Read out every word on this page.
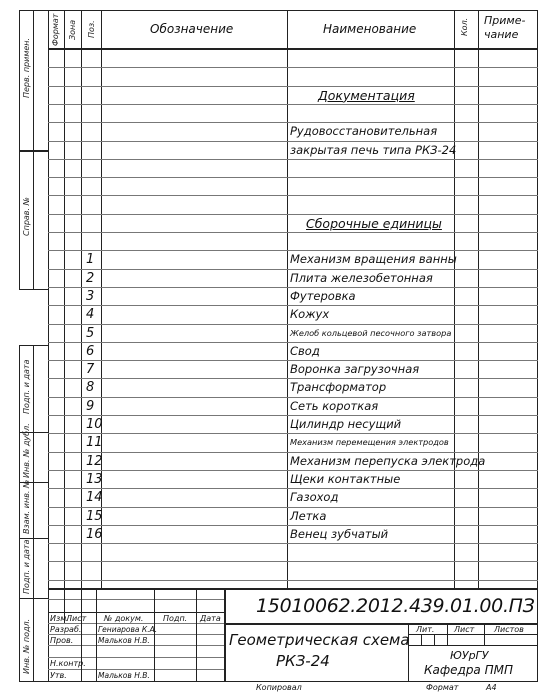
Формат Зона Поз.	Обозначение	Наименование	Кол. Приме-
чание
Перв. примен.
Справ. №
Подп. и дата
Инв. № дубл.
Взам. инв. №
Подп. и дата
Инв. № подл.
Документация
Рудовосстановительная
закрытая печь типа РКЗ-24
Сборочные единицы
1	Механизм вращения ванны
2	Плита железобетонная
3	Футеровка
4	Кожух
5	Желоб кольцевой песочного затвора
6	Свод
7	Воронка загрузочная
8	Трансформатор
9	Сеть короткая
10	Цилиндр несущий
11	Механизм перемещения электродов
12	Механизм перепуска электрода
13	Щеки контактные
14	Газоход
15	Летка
16	Венец зубчатый
Изм.
Лист № докум. Подп. Дата
Разраб. Гениарова К.А.
Пров.	Мальков Н.В.
Н.контр.
Утв.	Мальков Н.В.
15010062.2012.439.01.00.ПЗ
Геометрическая схема
РКЗ-24
Лит. Лист Листов
ЮУрГУ
Кафедра ПМП
Копировал	Формат	А4
